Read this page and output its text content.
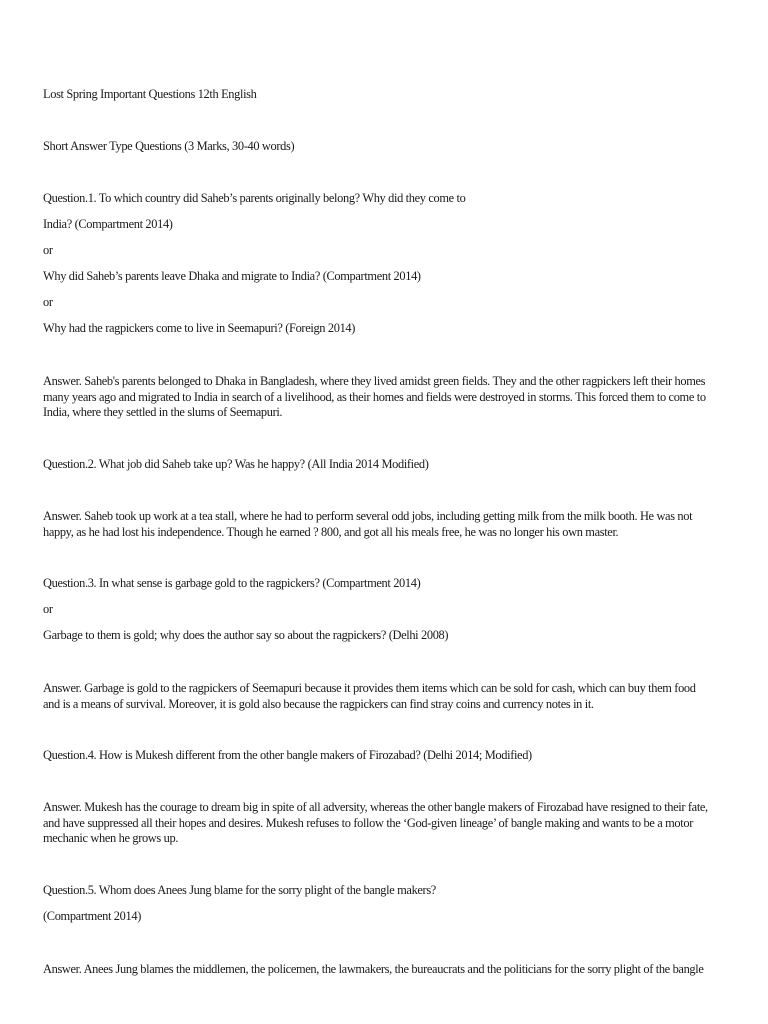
Lost Spring Important Questions 12th English
Short Answer Type Questions (3 Marks, 30-40 words)
Question.1. To which country did Saheb’s parents originally belong? Why did they come to
India? (Compartment 2014)
or
Why did Saheb’s parents leave Dhaka and migrate to India? (Compartment 2014)
or
Why had the ragpickers come to live in Seemapuri? (Foreign 2014)
Answer. Saheb's parents belonged to Dhaka in Bangladesh, where they lived amidst green fields. They and the other ragpickers left their homes many years ago and migrated to India in search of a livelihood, as their homes and fields were destroyed in storms. This forced them to come to India, where they settled in the slums of Seemapuri.
Question.2. What job did Saheb take up? Was he happy? (All India 2014 Modified)
Answer. Saheb took up work at a tea stall, where he had to perform several odd jobs, including getting milk from the milk booth. He was not happy, as he had lost his independence. Though he earned ? 800, and got all his meals free, he was no longer his own master.
Question.3. In what sense is garbage gold to the ragpickers? (Compartment 2014)
or
Garbage to them is gold; why does the author say so about the ragpickers? (Delhi 2008)
Answer. Garbage is gold to the ragpickers of Seemapuri because it provides them items which can be sold for cash, which can buy them food and is a means of survival. Moreover, it is gold also because the ragpickers can find stray coins and currency notes in it.
Question.4. How is Mukesh different from the other bangle makers of Firozabad? (Delhi 2014; Modified)
Answer. Mukesh has the courage to dream big in spite of all adversity, whereas the other bangle makers of Firozabad have resigned to their fate, and have suppressed all their hopes and desires. Mukesh refuses to follow the ‘God-given lineage’ of bangle making and wants to be a motor mechanic when he grows up.
Question.5. Whom does Anees Jung blame for the sorry plight of the bangle makers?
(Compartment 2014)
Answer. Anees Jung blames the middlemen, the policemen, the lawmakers, the bureaucrats and the politicians for the sorry plight of the bangle
